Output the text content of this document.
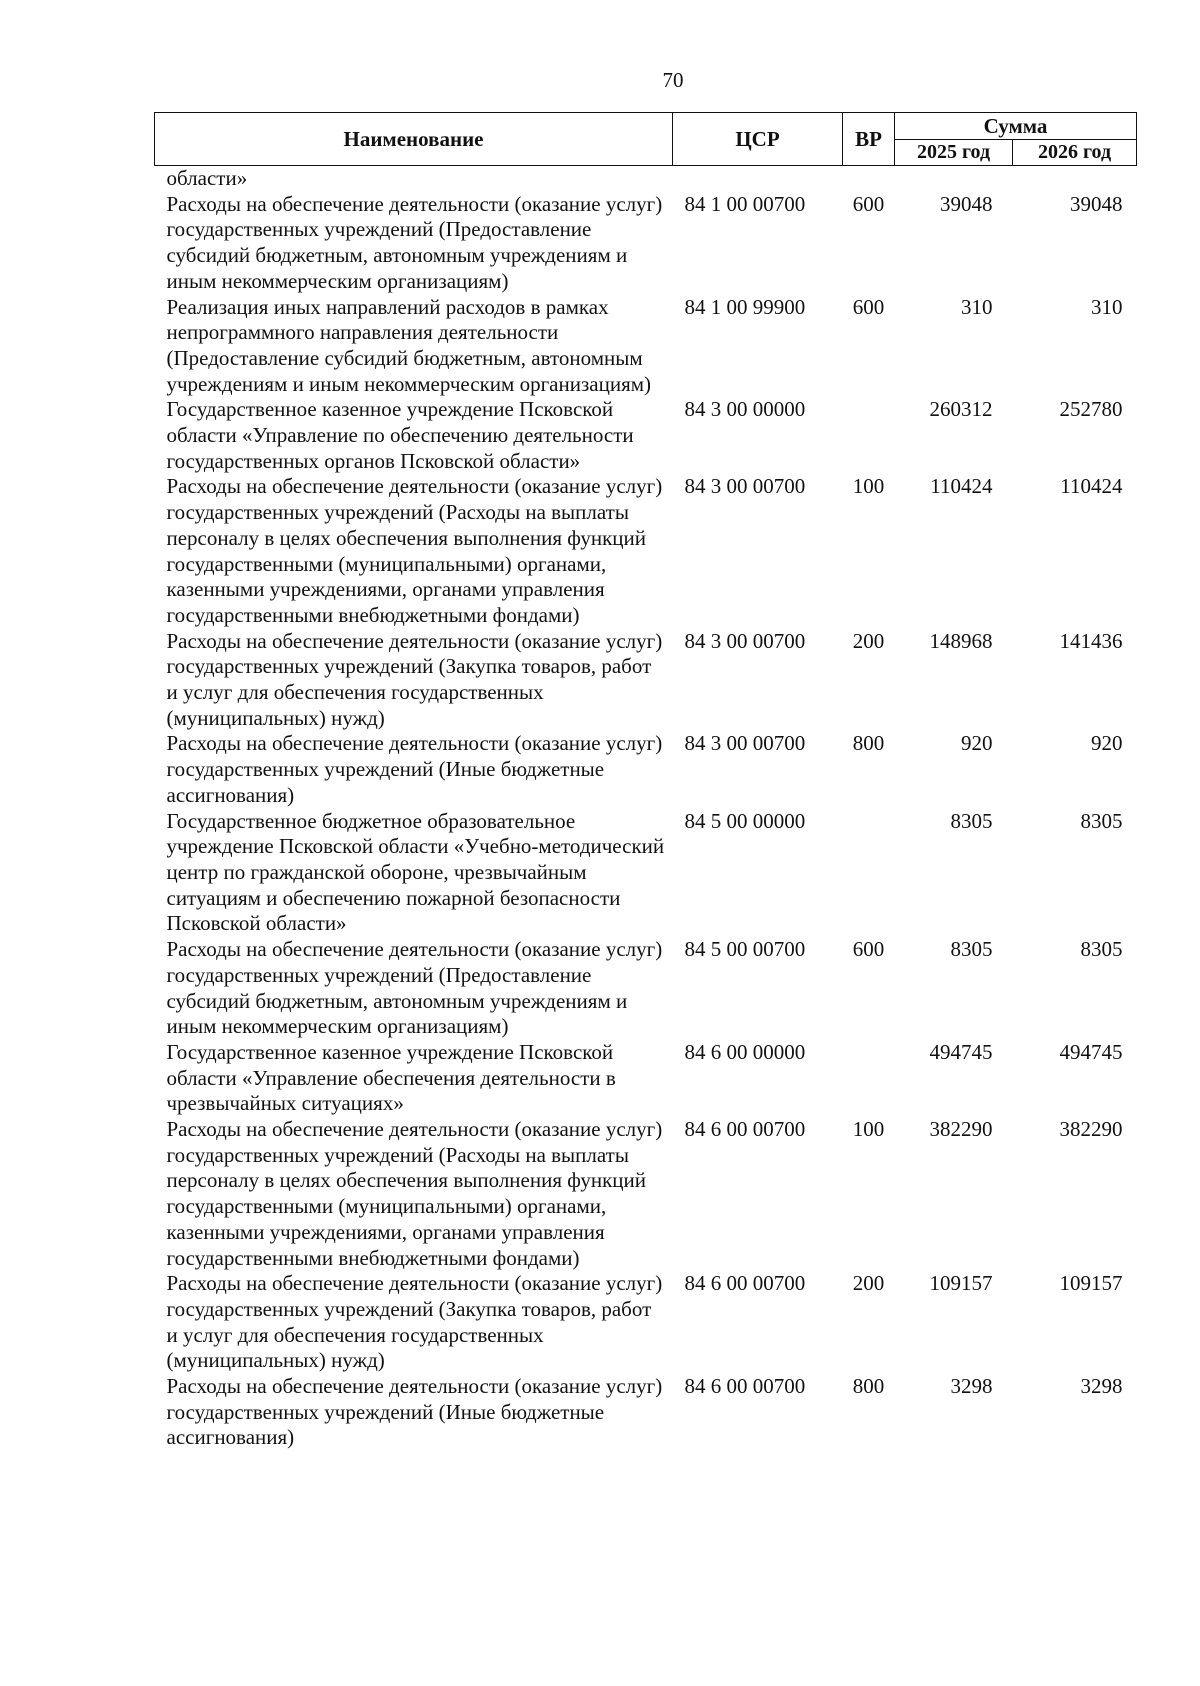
70
Наименование	ЦСР	ВР	Сумма	
			2025 год	2026 год
области»				
Расходы на обеспечение деятельности (оказание услуг) государственных учреждений (Предоставление субсидий бюджетным, автономным учреждениям и иным некоммерческим организациям)	84 1 00 00700	600	39048	39048
Реализация иных направлений расходов в рамках непрограммного направления деятельности (Предоставление субсидий бюджетным, автономным учреждениям и иным некоммерческим организациям)	84 1 00 99900	600	310	310
Государственное казенное учреждение Псковской области «Управление по обеспечению деятельности государственных органов Псковской области»	84 3 00 00000		260312	252780
Расходы на обеспечение деятельности (оказание услуг) государственных учреждений (Расходы на выплаты персоналу в целях обеспечения выполнения функций государственными (муниципальными) органами, казенными учреждениями, органами управления государственными внебюджетными фондами)	84 3 00 00700	100	110424	110424
Расходы на обеспечение деятельности (оказание услуг) государственных учреждений (Закупка товаров, работ и услуг для обеспечения государственных (муниципальных) нужд)	84 3 00 00700	200	148968	141436
Расходы на обеспечение деятельности (оказание услуг) государственных учреждений (Иные бюджетные ассигнования)	84 3 00 00700	800	920	920
Государственное бюджетное образовательное учреждение Псковской области «Учебно-методический центр по гражданской обороне, чрезвычайным ситуациям и обеспечению пожарной безопасности Псковской области»	84 5 00 00000		8305	8305
Расходы на обеспечение деятельности (оказание услуг) государственных учреждений (Предоставление субсидий бюджетным, автономным учреждениям и иным некоммерческим организациям)	84 5 00 00700	600	8305	8305
Государственное казенное учреждение Псковской области «Управление обеспечения деятельности в чрезвычайных ситуациях»	84 6 00 00000		494745	494745
Расходы на обеспечение деятельности (оказание услуг) государственных учреждений (Расходы на выплаты персоналу в целях обеспечения выполнения функций государственными (муниципальными) органами, казенными учреждениями, органами управления государственными внебюджетными фондами)	84 6 00 00700	100	382290	382290
Расходы на обеспечение деятельности (оказание услуг) государственных учреждений (Закупка товаров, работ и услуг для обеспечения государственных (муниципальных) нужд)	84 6 00 00700	200	109157	109157
Расходы на обеспечение деятельности (оказание услуг) государственных учреждений (Иные бюджетные ассигнования)	84 6 00 00700	800	3298	3298
